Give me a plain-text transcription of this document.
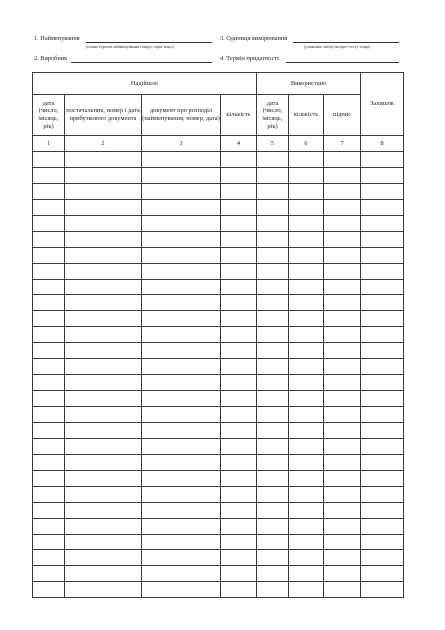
1. Найменування
(повне торгове найменування товару, серія тощо)
2. Виробник
3. Одиниця вимірювання
(упаковка, набір експрес-тесту тощо)
4. Термін придатності
Надійшло				Використано			Залишок
дата (число, місяць, рік)	постачальник, номер і дата прибуткового документа	документ про розподіл (найменування, номер, дата)	кількість	дата (число, місяць, рік)	кількість	підпис	
1	2	3	4	5	6	7	8
